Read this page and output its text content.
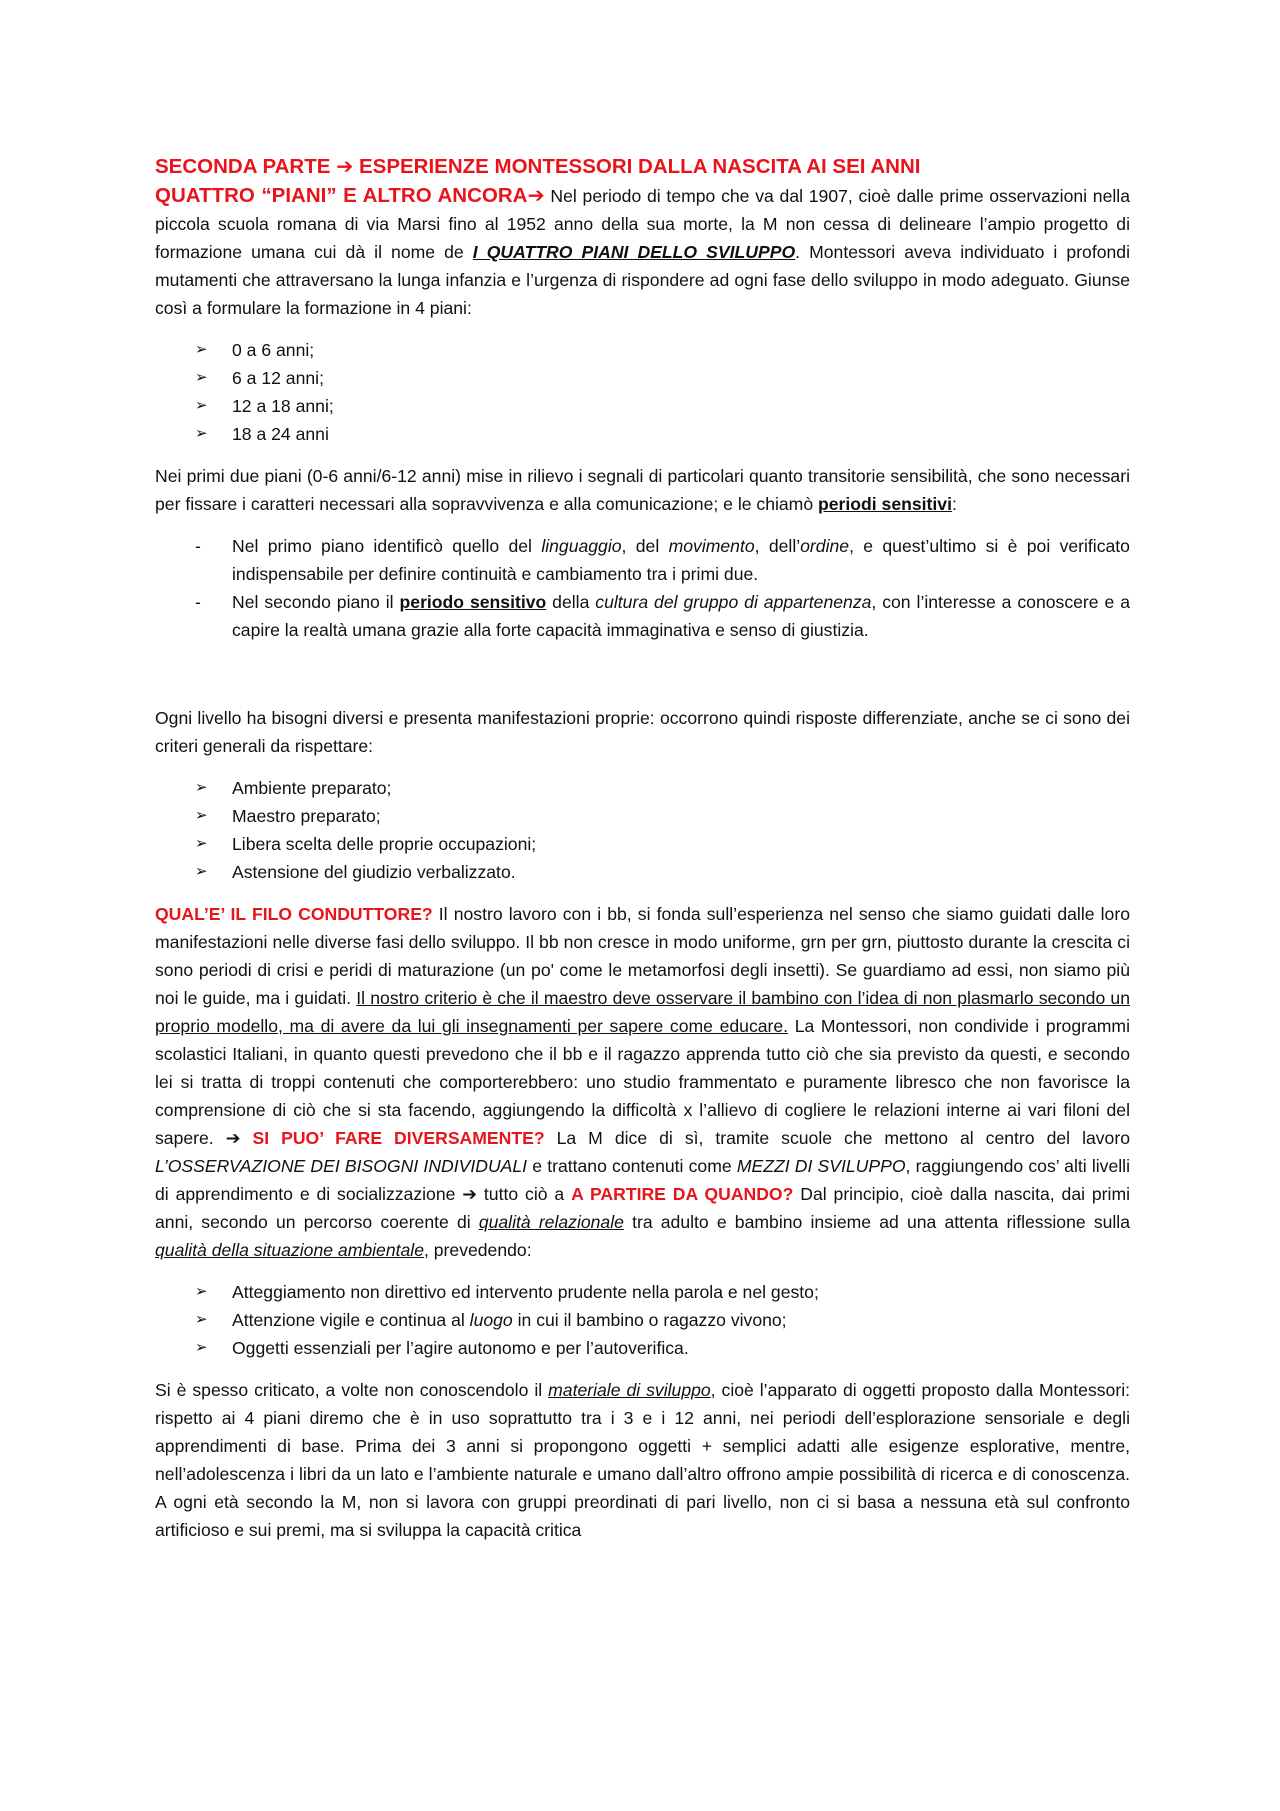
SECONDA PARTE ➔ ESPERIENZE MONTESSORI DALLA NASCITA AI SEI ANNI

QUATTRO “PIANI” E ALTRO ANCORA➔ Nel periodo di tempo che va dal 1907, cioè dalle prime osservazioni nella piccola scuola romana di via Marsi fino al 1952 anno della sua morte, la M non cessa di delineare l’ampio progetto di formazione umana cui dà il nome de I QUATTRO PIANI DELLO SVILUPPO. Montessori aveva individuato i profondi mutamenti che attraversano la lunga infanzia e l’urgenza di rispondere ad ogni fase dello sviluppo in modo adeguato. Giunse così a formulare la formazione in 4 piani:

➢ 0 a 6 anni;
➢ 6 a 12 anni;
➢ 12 a 18 anni;
➢ 18 a 24 anni

Nei primi due piani (0-6 anni/6-12 anni) mise in rilievo i segnali di particolari quanto transitorie sensibilità, che sono necessari per fissare i caratteri necessari alla sopravvivenza e alla comunicazione; e le chiamò periodi sensitivi:

- Nel primo piano identificò quello del linguaggio, del movimento, dell’ordine, e quest’ultimo si è poi verificato indispensabile per definire continuità e cambiamento tra i primi due.
- Nel secondo piano il periodo sensitivo della cultura del gruppo di appartenenza, con l’interesse a conoscere e a capire la realtà umana grazie alla forte capacità immaginativa e senso di giustizia.

Ogni livello ha bisogni diversi e presenta manifestazioni proprie: occorrono quindi risposte differenziate, anche se ci sono dei criteri generali da rispettare:

➢ Ambiente preparato;
➢ Maestro preparato;
➢ Libera scelta delle proprie occupazioni;
➢ Astensione del giudizio verbalizzato.

QUAL’E’ IL FILO CONDUTTORE? Il nostro lavoro con i bb, si fonda sull’esperienza nel senso che siamo guidati dalle loro manifestazioni nelle diverse fasi dello sviluppo. Il bb non cresce in modo uniforme, grn per grn, piuttosto durante la crescita ci sono periodi di crisi e peridi di maturazione (un po' come le metamorfosi degli insetti). Se guardiamo ad essi, non siamo più noi le guide, ma i guidati. Il nostro criterio è che il maestro deve osservare il bambino con l’idea di non plasmarlo secondo un proprio modello, ma di avere da lui gli insegnamenti per sapere come educare. La Montessori, non condivide i programmi scolastici Italiani, in quanto questi prevedono che il bb e il ragazzo apprenda tutto ciò che sia previsto da questi, e secondo lei si tratta di troppi contenuti che comporterebbero: uno studio frammentato e puramente libresco che non favorisce la comprensione di ciò che si sta facendo, aggiungendo la difficoltà x l’allievo di cogliere le relazioni interne ai vari filoni del sapere. ➔ SI PUO’ FARE DIVERSAMENTE? La M dice di sì, tramite scuole che mettono al centro del lavoro L’OSSERVAZIONE DEI BISOGNI INDIVIDUALI e trattano contenuti come MEZZI DI SVILUPPO, raggiungendo cos’ alti livelli di apprendimento e di socializzazione ➔ tutto ciò a A PARTIRE DA QUANDO? Dal principio, cioè dalla nascita, dai primi anni, secondo un percorso coerente di qualità relazionale tra adulto e bambino insieme ad una attenta riflessione sulla qualità della situazione ambientale, prevedendo:

➢ Atteggiamento non direttivo ed intervento prudente nella parola e nel gesto;
➢ Attenzione vigile e continua al luogo in cui il bambino o ragazzo vivono;
➢ Oggetti essenziali per l’agire autonomo e per l’autoverifica.

Si è spesso criticato, a volte non conoscendolo il materiale di sviluppo, cioè l’apparato di oggetti proposto dalla Montessori: rispetto ai 4 piani diremo che è in uso soprattutto tra i 3 e i 12 anni, nei periodi dell’esplorazione sensoriale e degli apprendimenti di base. Prima dei 3 anni si propongono oggetti + semplici adatti alle esigenze esplorative, mentre, nell’adolescenza i libri da un lato e l’ambiente naturale e umano dall’altro offrono ampie possibilità di ricerca e di conoscenza. A ogni età secondo la M, non si lavora con gruppi preordinati di pari livello, non ci si basa a nessuna età sul confronto artificioso e sui premi, ma si sviluppa la capacità critica
